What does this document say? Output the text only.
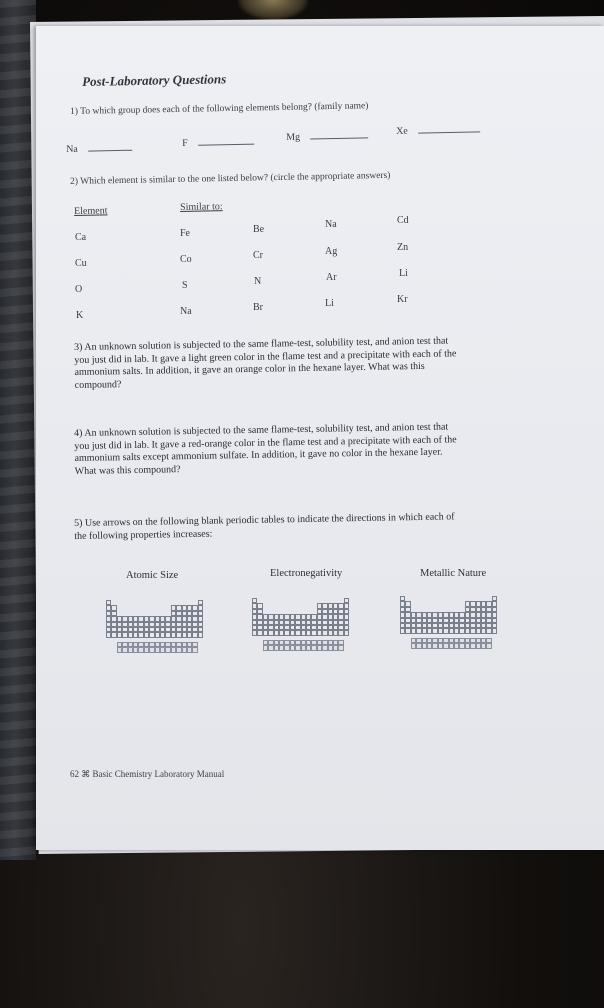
Post-Laboratory Questions
1) To which group does each of the following elements belong? (family name)
Na
F
Mg
Xe
2) Which element is similar to the one listed below? (circle the appropriate answers)
Element	Similar to:
Ca	Fe	Be	Na	Cd
Cu	Co	Cr	Ag	Zn
O	S	N	Ar	Li
K	Na	Br	Li	Kr
3) An unknown solution is subjected to the same flame-test, solubility test, and anion test that
you just did in lab. It gave a light green color in the flame test and a precipitate with each of the
ammonium salts. In addition, it gave an orange color in the hexane layer. What was this
compound?
4) An unknown solution is subjected to the same flame-test, solubility test, and anion test that
you just did in lab. It gave a red-orange color in the flame test and a precipitate with each of the
ammonium salts except ammonium sulfate. In addition, it gave no color in the hexane layer.
What was this compound?
5) Use arrows on the following blank periodic tables to indicate the directions in which each of
the following properties increases:
Atomic Size	Electronegativity	Metallic Nature
62 ⌘ Basic Chemistry Laboratory Manual
